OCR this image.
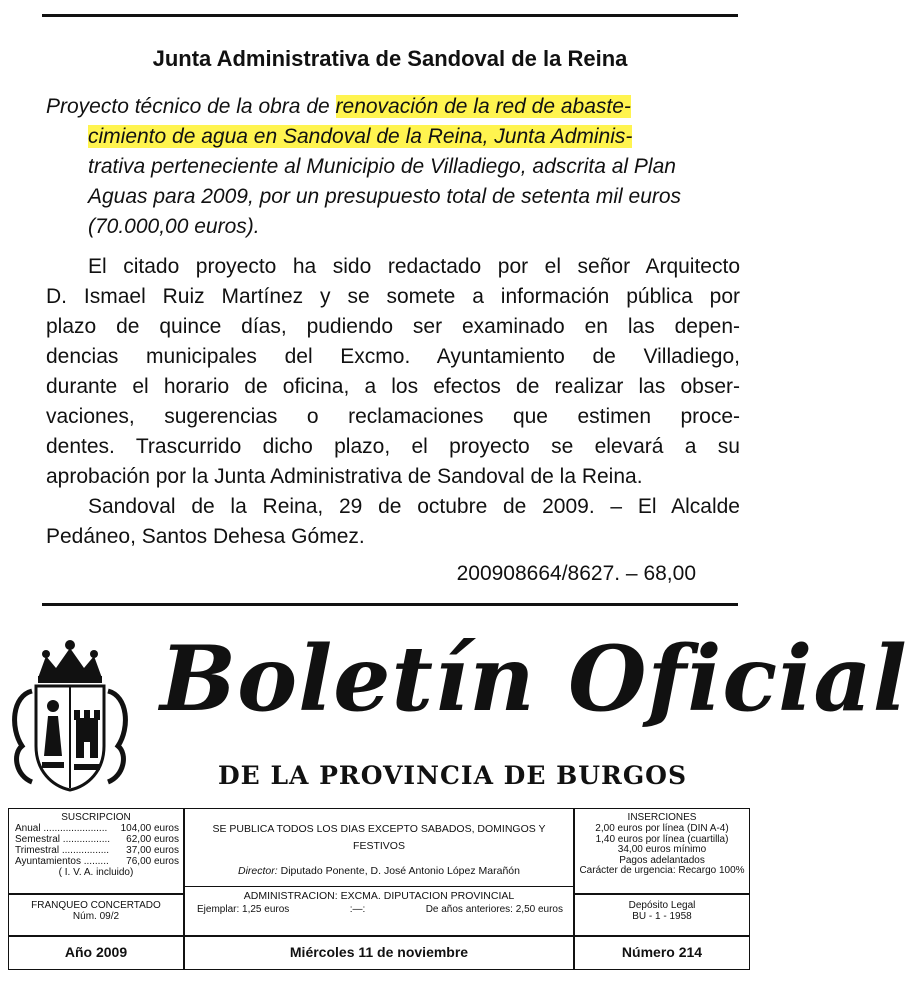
Junta Administrativa de Sandoval de la Reina
Proyecto técnico de la obra de renovación de la red de abaste-
cimiento de agua en Sandoval de la Reina, Junta Adminis-
trativa perteneciente al Municipio de Villadiego, adscrita al Plan
Aguas para 2009, por un presupuesto total de setenta mil euros
(70.000,00 euros).
El citado proyecto ha sido redactado por el señor Arquitecto
D. Ismael Ruiz Martínez y se somete a información pública por
plazo de quince días, pudiendo ser examinado en las depen-
dencias municipales del Excmo. Ayuntamiento de Villadiego,
durante el horario de oficina, a los efectos de realizar las obser-
vaciones, sugerencias o reclamaciones que estimen proce-
dentes. Trascurrido dicho plazo, el proyecto se elevará a su
aprobación por la Junta Administrativa de Sandoval de la Reina.
Sandoval de la Reina, 29 de octubre de 2009. – El Alcalde
Pedáneo, Santos Dehesa Gómez.
200908664/8627. – 68,00
Boletín Oficial
DE LA PROVINCIA DE BURGOS
SUSCRIPCION
Anual ....................... 104,00 euros
Semestral ................. 62,00 euros
Trimestral ................. 37,00 euros
Ayuntamientos ......... 76,00 euros
( I. V. A. incluido)
FRANQUEO CONCERTADO
Núm. 09/2
SE PUBLICA TODOS LOS DIAS EXCEPTO SABADOS, DOMINGOS Y FESTIVOS
Director: Diputado Ponente, D. José Antonio López Marañón
ADMINISTRACION: EXCMA. DIPUTACION PROVINCIAL
Ejemplar: 1,25 euros	:—:	De años anteriores: 2,50 euros
INSERCIONES
2,00 euros por línea (DIN A-4)
1,40 euros por línea (cuartilla)
34,00 euros mínimo
Pagos adelantados
Carácter de urgencia: Recargo 100%
Depósito Legal
BU - 1 - 1958
Año 2009	Miércoles 11 de noviembre	Número 214
